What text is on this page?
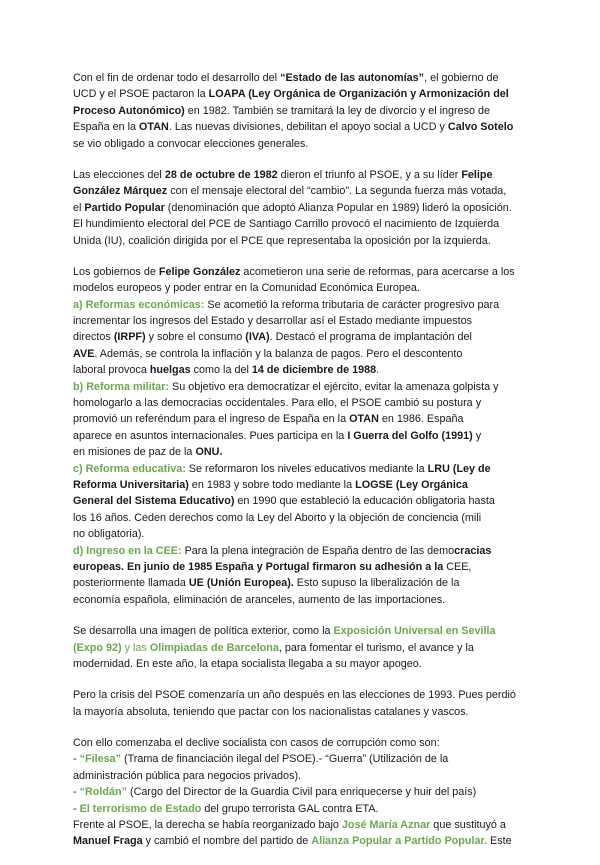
Con el fin de ordenar todo el desarrollo del “Estado de las autonomías”, el gobierno de
UCD y el PSOE pactaron la LOAPA (Ley Orgánica de Organización y Armonización del
Proceso Autonómico) en 1982. También se tramitará la ley de divorcio y el ingreso de
España en la OTAN. Las nuevas divisiones, debilitan el apoyo social a UCD y Calvo Sotelo
se vio obligado a convocar elecciones generales.
Las elecciones del 28 de octubre de 1982 dieron el triunfo al PSOE, y a su líder Felipe
González Márquez con el mensaje electoral del “cambio”. La segunda fuerza más votada,
el Partido Popular (denominación que adoptó Alianza Popular en 1989) lideró la oposición.
El hundimiento electoral del PCE de Santiago Carrillo provocó el nacimiento de Izquierda
Unida (IU), coalición dirigida por el PCE que representaba la oposición por la izquierda.
Los gobiernos de Felipe González acometieron una serie de reformas, para acercarse a los
modelos europeos y poder entrar en la Comunidad Económica Europea.
a) Reformas económicas: Se acometió la reforma tributaria de carácter progresivo para
incrementar los ingresos del Estado y desarrollar así el Estado mediante impuestos
directos (IRPF) y sobre el consumo (IVA). Destacó el programa de implantación del
AVE. Además, se controla la inflación y la balanza de pagos. Pero el descontento
laboral provoca huelgas como la del 14 de diciembre de 1988.
b) Reforma militar: Su objetivo era democratizar el ejército, evitar la amenaza golpista y
homologarlo a las democracias occidentales. Para ello, el PSOE cambió su postura y
promovió un referéndum para el ingreso de España en la OTAN en 1986. España
aparece en asuntos internacionales. Pues participa en la I Guerra del Golfo (1991) y
en misiones de paz de la ONU.
c) Reforma educativa: Se reformaron los niveles educativos mediante la LRU (Ley de
Reforma Universitaria) en 1983 y sobre todo mediante la LOGSE (Ley Orgánica
General del Sistema Educativo) en 1990 que estableció la educación obligatoria hasta
los 16 años. Ceden derechos como la Ley del Aborto y la objeción de conciencia (mili
no obligatoria).
d) Ingreso en la CEE: Para la plena integración de España dentro de las democracias
europeas. En junio de 1985 España y Portugal firmaron su adhesión a la CEE,
posteriormente llamada UE (Unión Europea). Esto supuso la liberalización de la
economía española, eliminación de aranceles, aumento de las importaciones.
Se desarrolla una imagen de política exterior, como la Exposición Universal en Sevilla
(Expo 92) y las Olimpiadas de Barcelona, para fomentar el turismo, el avance y la
modernidad. En este año, la etapa socialista llegaba a su mayor apogeo.
Pero la crisis del PSOE comenzaría un año después en las elecciones de 1993. Pues perdió
la mayoría absoluta, teniendo que pactar con los nacionalistas catalanes y vascos.
Con ello comenzaba el declive socialista con casos de corrupción como son:
- “Filesa” (Trama de financiación ilegal del PSOE).- “Guerra” (Utilización de la
administración pública para negocios privados).
- “Roldán” (Cargo del Director de la Guardia Civil para enriquecerse y huir del país)
- El terrorismo de Estado del grupo terrorista GAL contra ETA.
Frente al PSOE, la derecha se había reorganizado bajo José María Aznar que sustituyó a
Manuel Fraga y cambió el nombre del partido de Alianza Popular a Partido Popular. Este
